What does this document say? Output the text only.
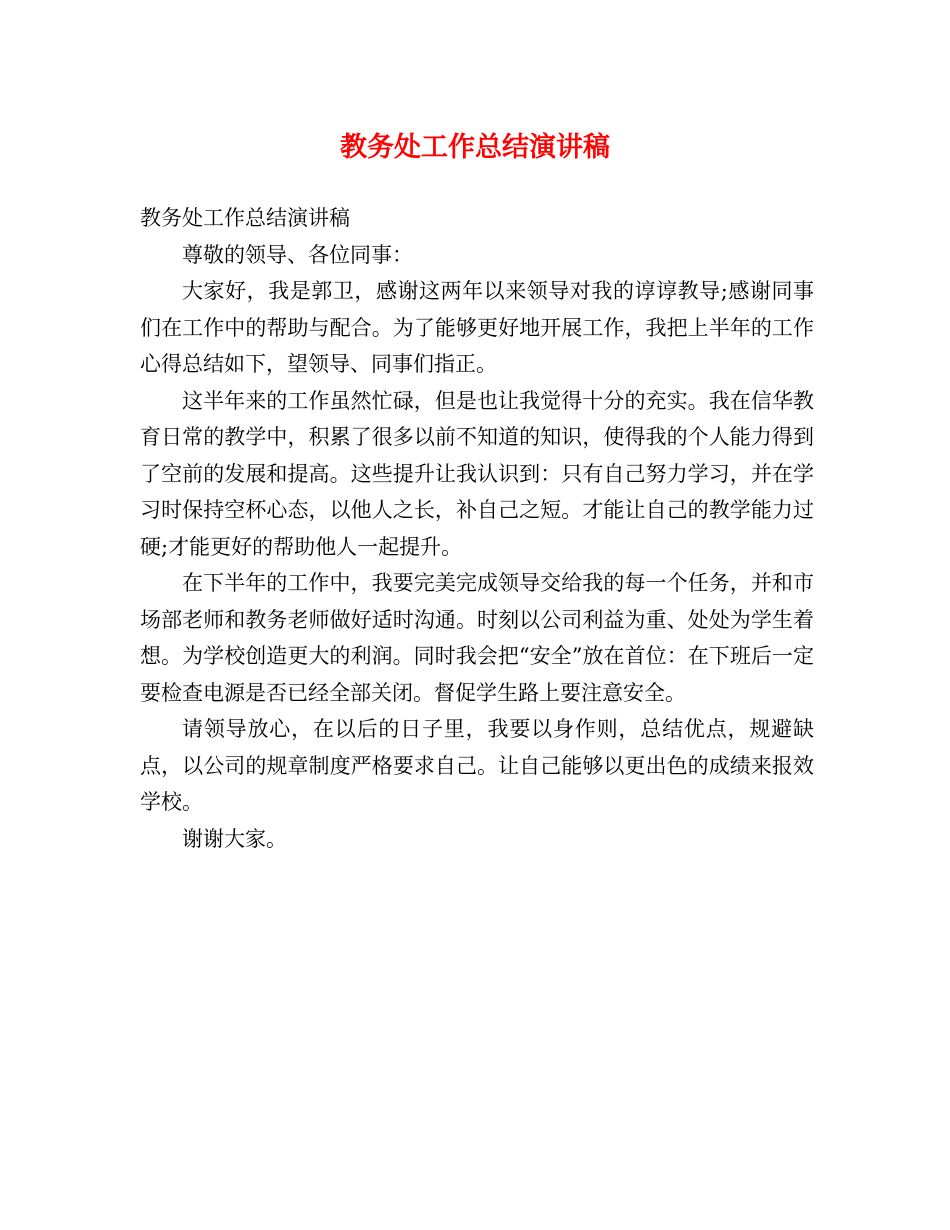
教务处工作总结演讲稿

教务处工作总结演讲稿

尊敬的领导、各位同事：

大家好，我是郭卫，感谢这两年以来领导对我的谆谆教导;感谢同事们在工作中的帮助与配合。为了能够更好地开展工作，我把上半年的工作心得总结如下，望领导、同事们指正。

这半年来的工作虽然忙碌，但是也让我觉得十分的充实。我在信华教育日常的教学中，积累了很多以前不知道的知识，使得我的个人能力得到了空前的发展和提高。这些提升让我认识到：只有自己努力学习，并在学习时保持空杯心态，以他人之长，补自己之短。才能让自己的教学能力过硬;才能更好的帮助他人一起提升。

在下半年的工作中，我要完美完成领导交给我的每一个任务，并和市场部老师和教务老师做好适时沟通。时刻以公司利益为重、处处为学生着想。为学校创造更大的利润。同时我会把“安全”放在首位：在下班后一定要检查电源是否已经全部关闭。督促学生路上要注意安全。

请领导放心，在以后的日子里，我要以身作则，总结优点，规避缺点，以公司的规章制度严格要求自己。让自己能够以更出色的成绩来报效学校。

谢谢大家。
